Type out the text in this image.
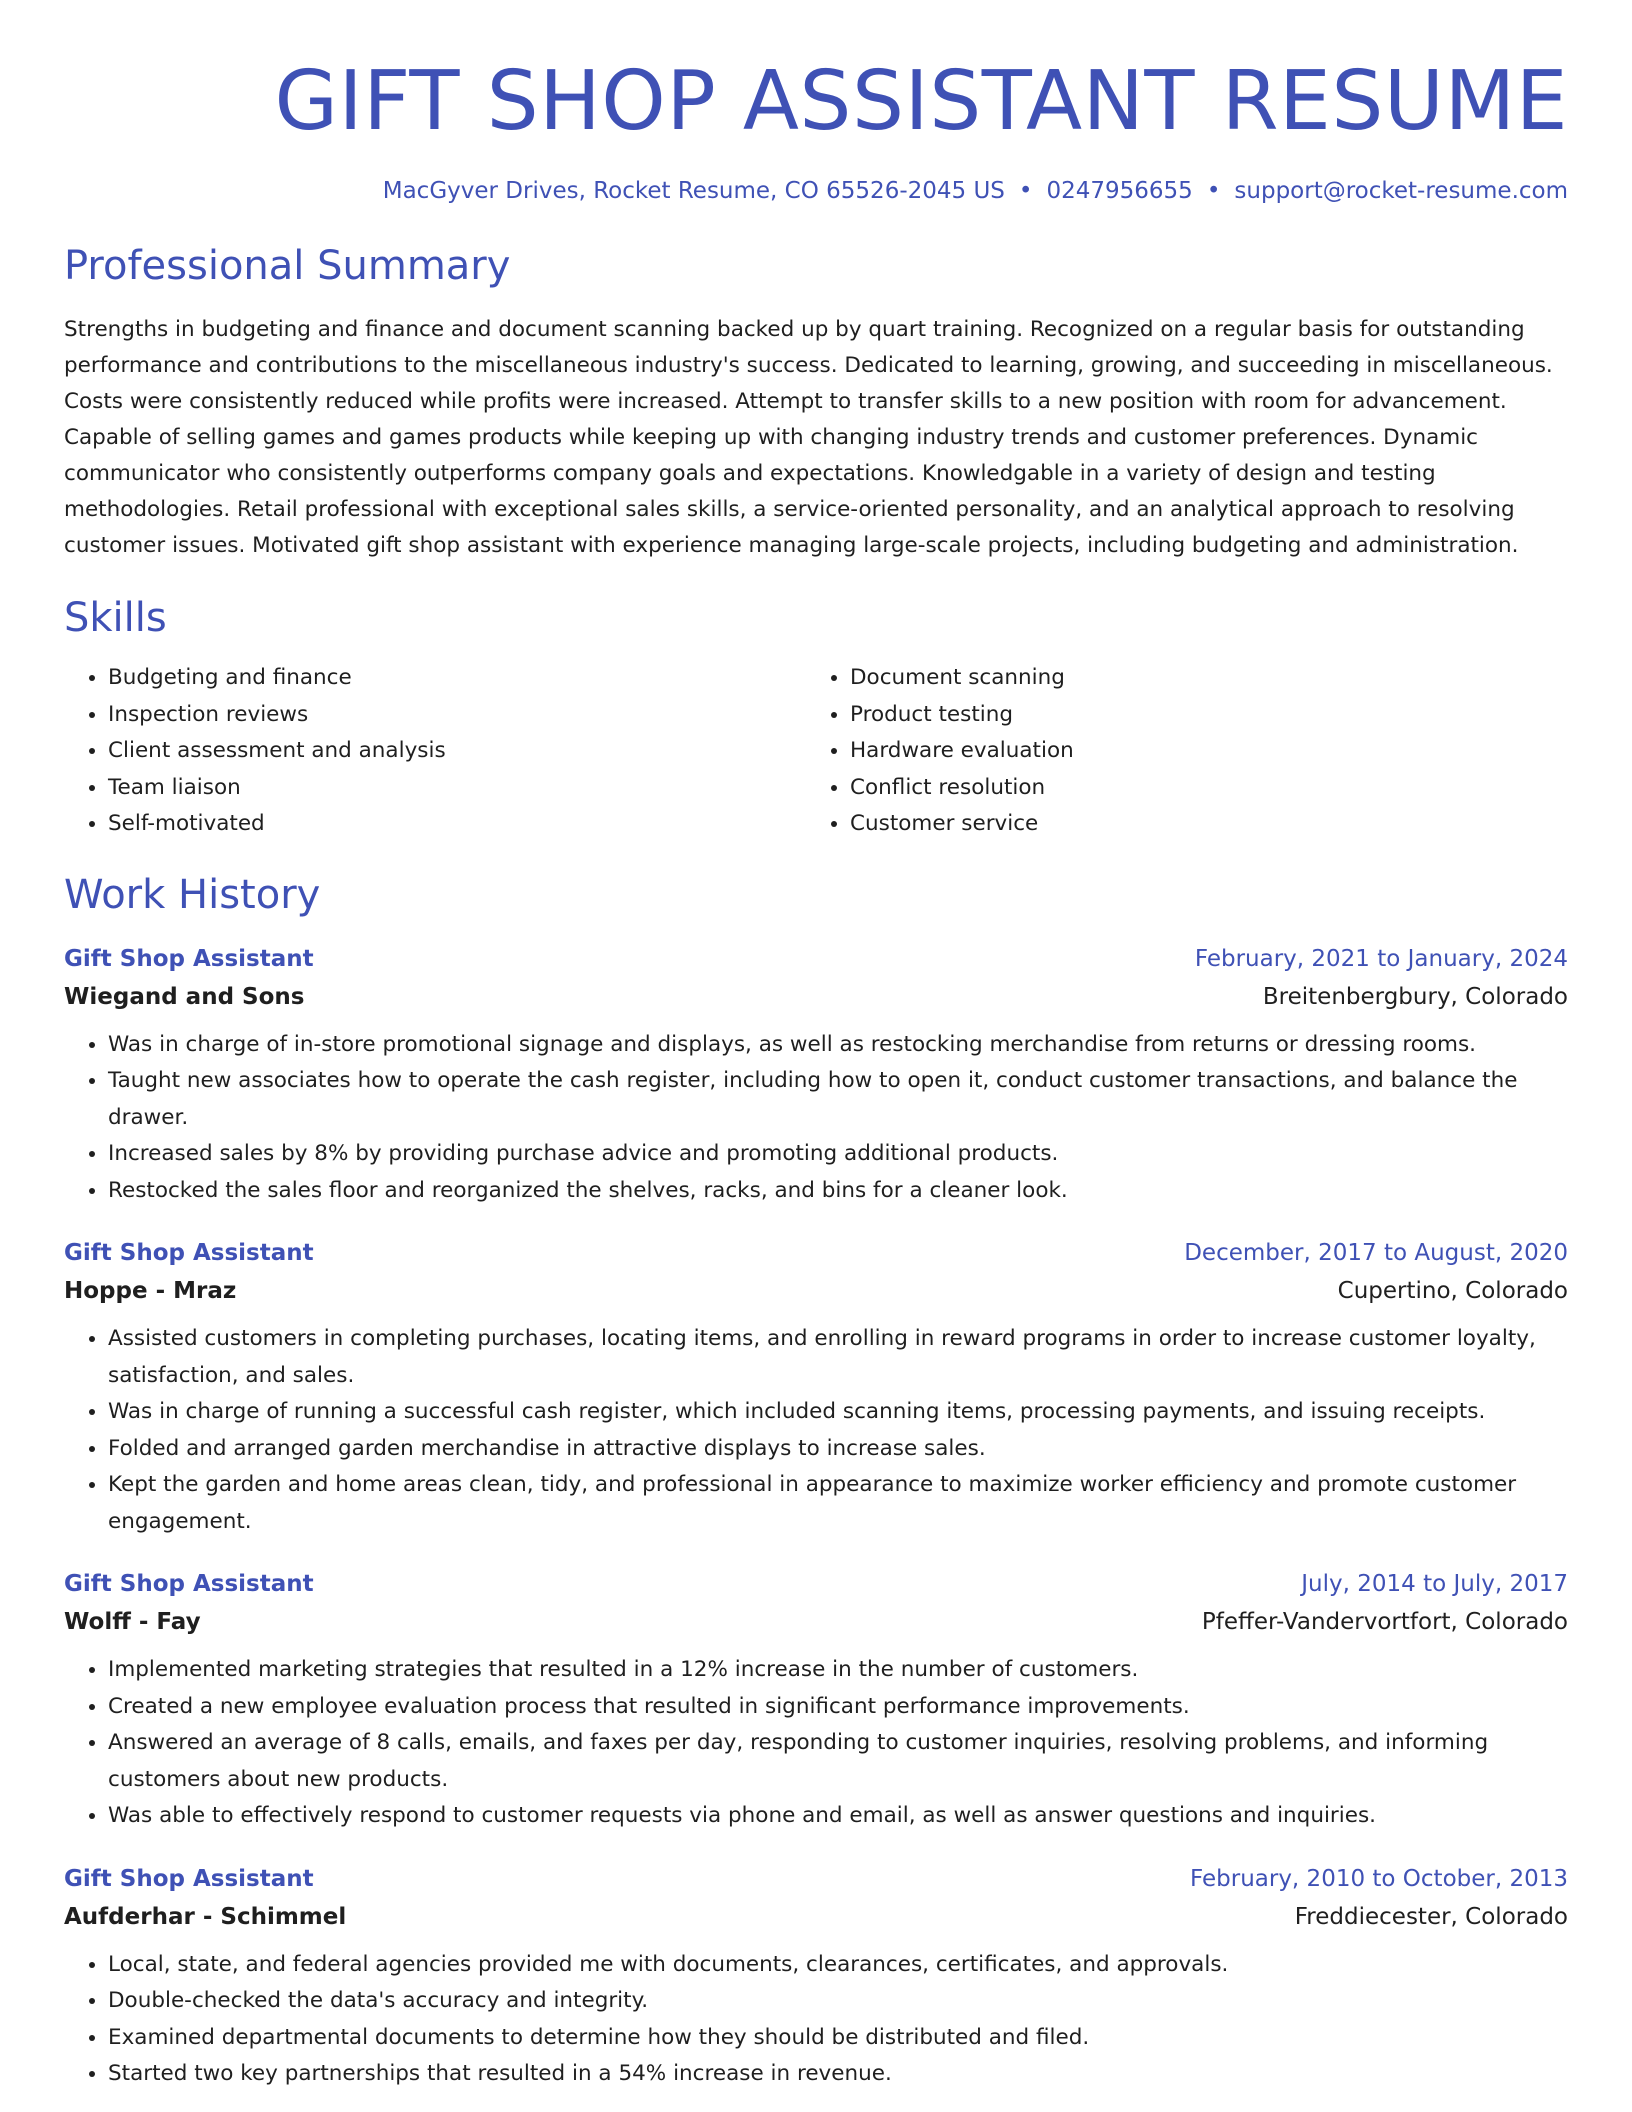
GIFT SHOP ASSISTANT RESUME
MacGyver Drives, Rocket Resume, CO 65526-2045 US • 0247956655 • support@rocket-resume.com
Professional Summary
Strengths in budgeting and finance and document scanning backed up by quart training. Recognized on a regular basis for outstanding performance and contributions to the miscellaneous industry's success. Dedicated to learning, growing, and succeeding in miscellaneous. Costs were consistently reduced while profits were increased. Attempt to transfer skills to a new position with room for advancement. Capable of selling games and games products while keeping up with changing industry trends and customer preferences. Dynamic communicator who consistently outperforms company goals and expectations. Knowledgable in a variety of design and testing methodologies. Retail professional with exceptional sales skills, a service-oriented personality, and an analytical approach to resolving customer issues. Motivated gift shop assistant with experience managing large-scale projects, including budgeting and administration.
Skills
• Budgeting and finance
• Inspection reviews
• Client assessment and analysis
• Team liaison
• Self-motivated
• Document scanning
• Product testing
• Hardware evaluation
• Conflict resolution
• Customer service
Work History
Gift Shop Assistant	February, 2021 to January, 2024
Wiegand and Sons	Breitenbergbury, Colorado
• Was in charge of in-store promotional signage and displays, as well as restocking merchandise from returns or dressing rooms.
• Taught new associates how to operate the cash register, including how to open it, conduct customer transactions, and balance the drawer.
• Increased sales by 8% by providing purchase advice and promoting additional products.
• Restocked the sales floor and reorganized the shelves, racks, and bins for a cleaner look.
Gift Shop Assistant	December, 2017 to August, 2020
Hoppe - Mraz	Cupertino, Colorado
• Assisted customers in completing purchases, locating items, and enrolling in reward programs in order to increase customer loyalty, satisfaction, and sales.
• Was in charge of running a successful cash register, which included scanning items, processing payments, and issuing receipts.
• Folded and arranged garden merchandise in attractive displays to increase sales.
• Kept the garden and home areas clean, tidy, and professional in appearance to maximize worker efficiency and promote customer engagement.
Gift Shop Assistant	July, 2014 to July, 2017
Wolff - Fay	Pfeffer-Vandervortfort, Colorado
• Implemented marketing strategies that resulted in a 12% increase in the number of customers.
• Created a new employee evaluation process that resulted in significant performance improvements.
• Answered an average of 8 calls, emails, and faxes per day, responding to customer inquiries, resolving problems, and informing customers about new products.
• Was able to effectively respond to customer requests via phone and email, as well as answer questions and inquiries.
Gift Shop Assistant	February, 2010 to October, 2013
Aufderhar - Schimmel	Freddiecester, Colorado
• Local, state, and federal agencies provided me with documents, clearances, certificates, and approvals.
• Double-checked the data's accuracy and integrity.
• Examined departmental documents to determine how they should be distributed and filed.
• Started two key partnerships that resulted in a 54% increase in revenue.
